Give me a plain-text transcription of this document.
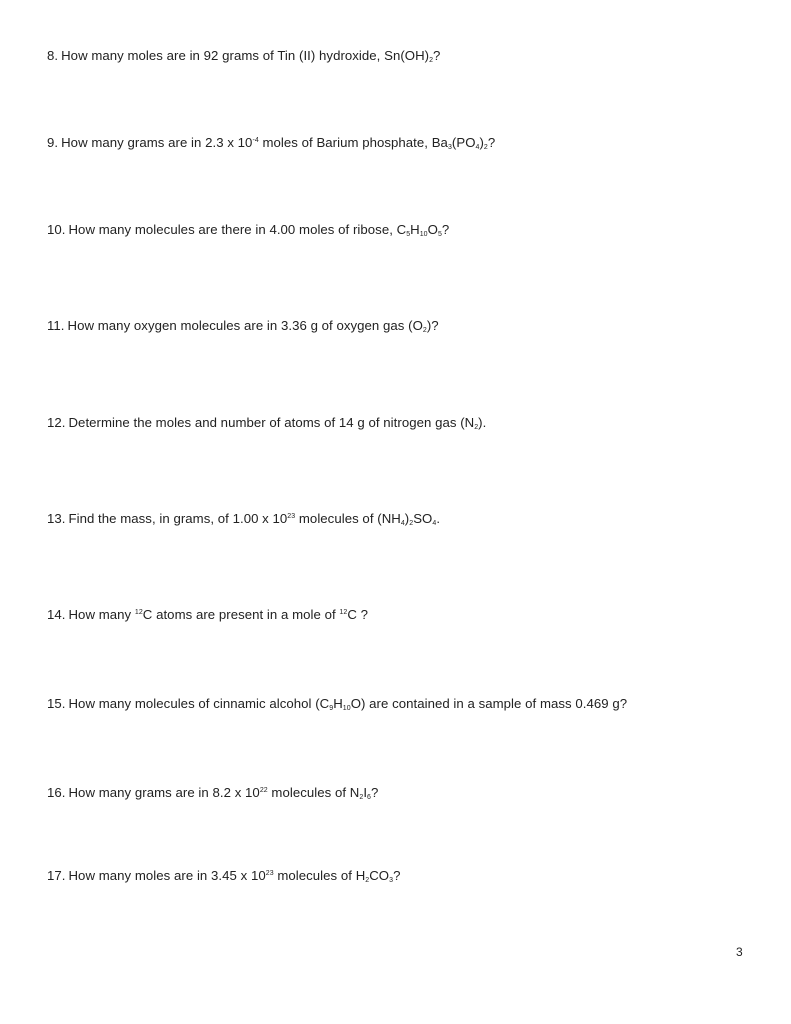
8. How many moles are in 92 grams of Tin (II) hydroxide, $Sn(OH)_2$?
9. How many grams are in 2.3 x $10^{-4}$ moles of Barium phosphate, $Ba_3(PO_4)_2$?
10. How many molecules are there in 4.00 moles of ribose, $C_5H_{10}O_5$?
11. How many oxygen molecules are in 3.36 g of oxygen gas $(O_2)$?
12. Determine the moles and number of atoms of 14 g of nitrogen gas $(N_2)$.
13. Find the mass, in grams, of 1.00 x $10^{23}$ molecules of $(NH_4)_2SO_4$.
14. How many $^{12}$C atoms are present in a mole of $^{12}$C ?
15. How many molecules of cinnamic alcohol $(C_9H_{10}O)$ are contained in a sample of mass 0.469 g?
16. How many grams are in 8.2 x $10^{22}$ molecules of $N_2I_6$?
17. How many moles are in 3.45 x $10^{23}$ molecules of $H_2CO_3$?
3
